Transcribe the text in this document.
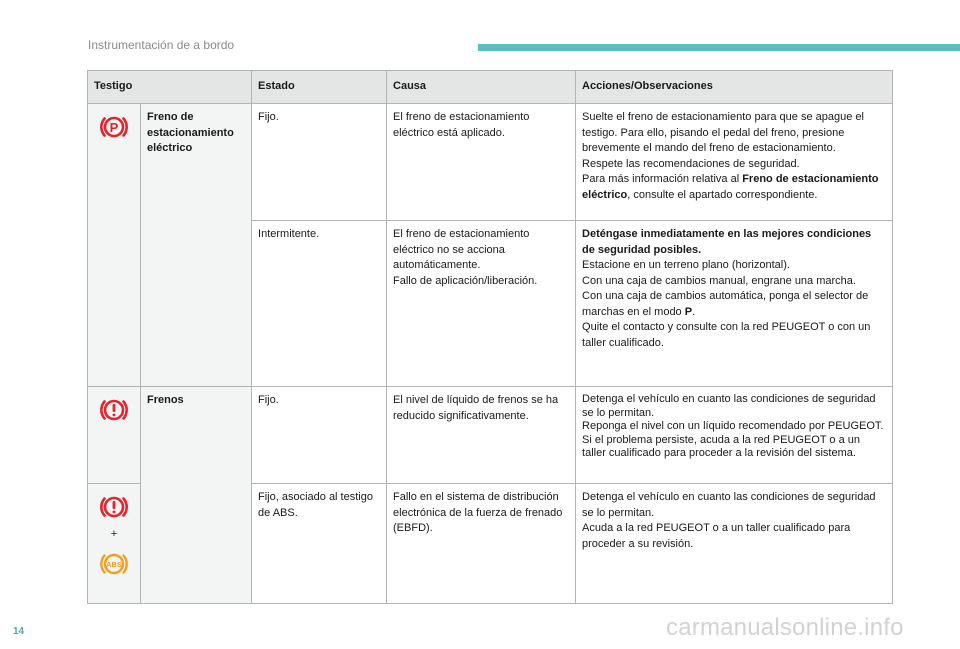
Instrumentación de a bordo
Testigo		Estado	Causa	Acciones/Observaciones

P	Freno de estacionamiento eléctrico	Fijo.	El freno de estacionamiento eléctrico está aplicado.	Suelte el freno de estacionamiento para que se apague el testigo. Para ello, pisando el pedal del freno, presione brevemente el mando del freno de estacionamiento.
Respete las recomendaciones de seguridad.
Para más información relativa al Freno de estacionamiento eléctrico, consulte el apartado correspondiente.

		Intermitente.	El freno de estacionamiento eléctrico no se acciona automáticamente.
Fallo de aplicación/liberación.	Deténgase inmediatamente en las mejores condiciones de seguridad posibles.
Estacione en un terreno plano (horizontal).
Con una caja de cambios manual, engrane una marcha.
Con una caja de cambios automática, ponga el selector de marchas en el modo P.
Quite el contacto y consulte con la red PEUGEOT o con un taller cualificado.

	Frenos	Fijo.	El nivel de líquido de frenos se ha reducido significativamente.	Detenga el vehículo en cuanto las condiciones de seguridad se lo permitan.
Reponga el nivel con un líquido recomendado por PEUGEOT.
Si el problema persiste, acuda a la red PEUGEOT o a un taller cualificado para proceder a la revisión del sistema.

+
ABS		Fijo, asociado al testigo de ABS.	Fallo en el sistema de distribución electrónica de la fuerza de frenado (EBFD).	Detenga el vehículo en cuanto las condiciones de seguridad se lo permitan.
Acuda a la red PEUGEOT o a un taller cualificado para proceder a su revisión.
14	carmanualsonline.info
